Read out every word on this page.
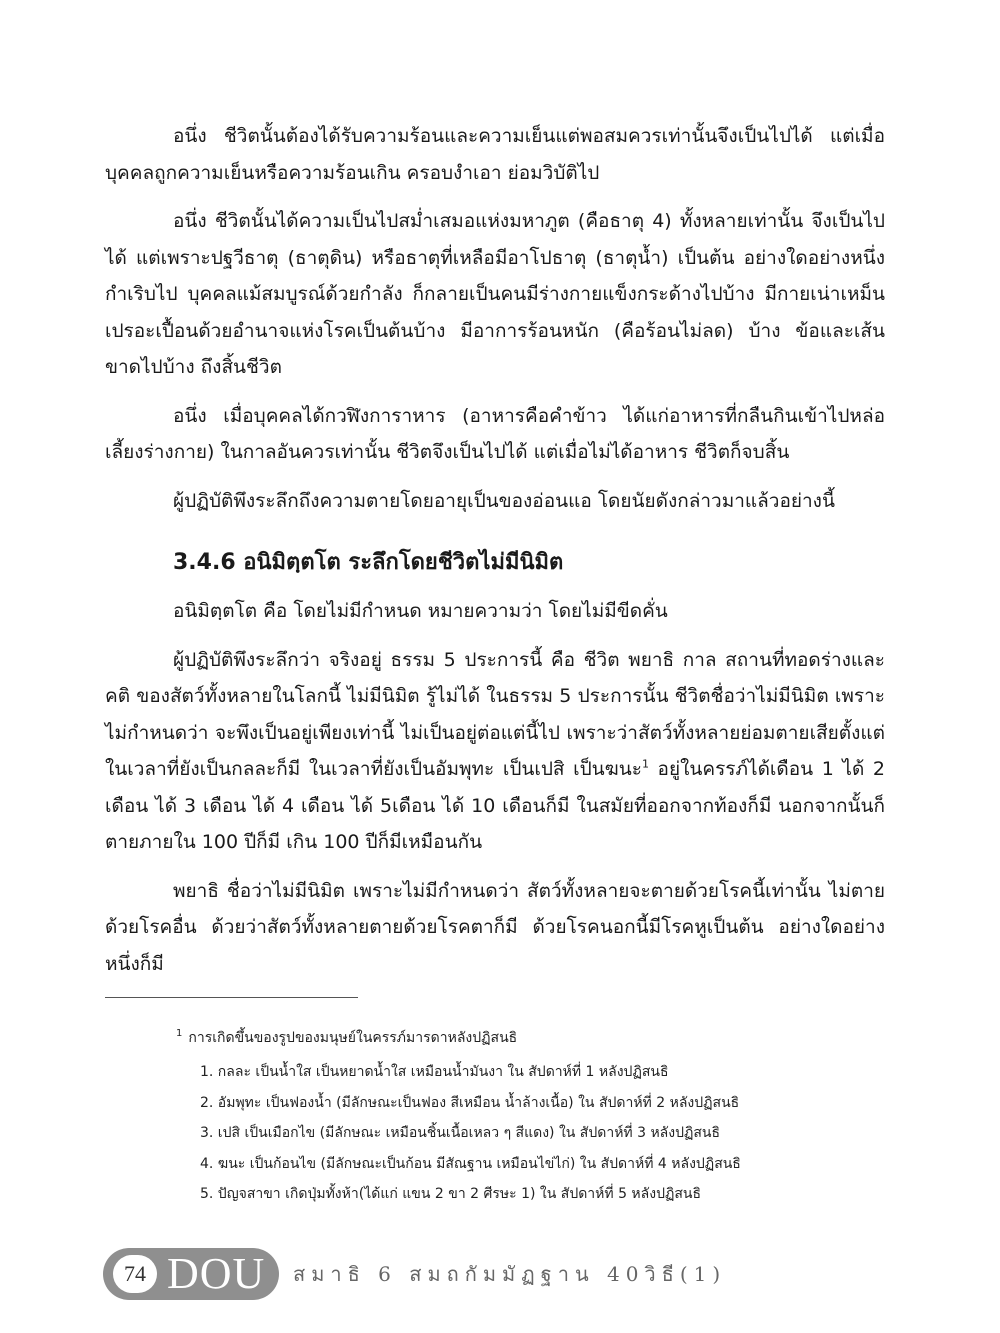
อนึ่ง ชีวิตนั้นต้องได้รับความร้อนและความเย็นแต่พอสมควรเท่านั้นจึงเป็นไปได้ แต่เมื่อบุคคลถูกความเย็นหรือความร้อนเกิน ครอบงำเอา ย่อมวิบัติไป

อนึ่ง ชีวิตนั้นได้ความเป็นไปสม่ำเสมอแห่งมหาภูต (คือธาตุ 4) ทั้งหลายเท่านั้น จึงเป็นไปได้ แต่เพราะปฐวีธาตุ (ธาตุดิน) หรือธาตุที่เหลือมีอาโปธาตุ (ธาตุน้ำ) เป็นต้น อย่างใดอย่างหนึ่งกำเริบไป บุคคลแม้สมบูรณ์ด้วยกำลัง ก็กลายเป็นคนมีร่างกายแข็งกระด้างไปบ้าง มีกายเน่าเหม็นเปรอะเปื้อนด้วยอำนาจแห่งโรคเป็นต้นบ้าง มีอาการร้อนหนัก (คือร้อนไม่ลด) บ้าง ข้อและเส้นขาดไปบ้าง ถึงสิ้นชีวิต

อนึ่ง เมื่อบุคคลได้กวฬิงการาหาร (อาหารคือคำข้าว ได้แก่อาหารที่กลืนกินเข้าไปหล่อเลี้ยงร่างกาย) ในกาลอันควรเท่านั้น ชีวิตจึงเป็นไปได้ แต่เมื่อไม่ได้อาหาร ชีวิตก็จบสิ้น

ผู้ปฏิบัติพึงระลึกถึงความตายโดยอายุเป็นของอ่อนแอ โดยนัยดังกล่าวมาแล้วอย่างนี้

3.4.6 อนิมิตฺตโต ระลึกโดยชีวิตไม่มีนิมิต

อนิมิตฺตโต คือ โดยไม่มีกำหนด หมายความว่า โดยไม่มีขีดคั่น

ผู้ปฏิบัติพึงระลึกว่า จริงอยู่ ธรรม 5 ประการนี้ คือ ชีวิต พยาธิ กาล สถานที่ทอดร่างและคติ ของสัตว์ทั้งหลายในโลกนี้ ไม่มีนิมิต รู้ไม่ได้ ในธรรม 5 ประการนั้น ชีวิตชื่อว่าไม่มีนิมิต เพราะไม่กำหนดว่า จะพึงเป็นอยู่เพียงเท่านี้ ไม่เป็นอยู่ต่อแต่นี้ไป เพราะว่าสัตว์ทั้งหลายย่อมตายเสียตั้งแต่ในเวลาที่ยังเป็นกลละก็มี ในเวลาที่ยังเป็นอัมพุทะ เป็นเปสิ เป็นฆนะ$^1$ อยู่ในครรภ์ได้เดือน 1 ได้ 2 เดือน ได้ 3 เดือน ได้ 4 เดือน ได้ 5เดือน ได้ 10 เดือนก็มี ในสมัยที่ออกจากท้องก็มี นอกจากนั้นก็ตายภายใน 100 ปีก็มี เกิน 100 ปีก็มีเหมือนกัน

พยาธิ ชื่อว่าไม่มีนิมิต เพราะไม่มีกำหนดว่า สัตว์ทั้งหลายจะตายด้วยโรคนี้เท่านั้น ไม่ตายด้วยโรคอื่น ด้วยว่าสัตว์ทั้งหลายตายด้วยโรคตาก็มี ด้วยโรคนอกนี้มีโรคหูเป็นต้น อย่างใดอย่างหนึ่งก็มี

$^1$ การเกิดขึ้นของรูปของมนุษย์ในครรภ์มารดาหลังปฏิสนธิ
1. กลละ เป็นน้ำใส เป็นหยาดน้ำใส เหมือนน้ำมันงา ใน สัปดาห์ที่ 1 หลังปฏิสนธิ
2. อัมพุทะ เป็นฟองน้ำ (มีลักษณะเป็นฟอง สีเหมือน น้ำล้างเนื้อ) ใน สัปดาห์ที่ 2 หลังปฏิสนธิ
3. เปสิ เป็นเมือกไข (มีลักษณะ เหมือนชิ้นเนื้อเหลว ๆ สีแดง) ใน สัปดาห์ที่ 3 หลังปฏิสนธิ
4. ฆนะ เป็นก้อนไข (มีลักษณะเป็นก้อน มีสัณฐาน เหมือนไข่ไก่) ใน สัปดาห์ที่ 4 หลังปฏิสนธิ
5. ปัญจสาขา เกิดปุ่มทั้งห้า(ได้แก่ แขน 2 ขา 2 ศีรษะ 1) ใน สัปดาห์ที่ 5 หลังปฏิสนธิ
74 DOU สมาธิ 6 สมถกัมมัฏฐาน 40วิธี(1)
